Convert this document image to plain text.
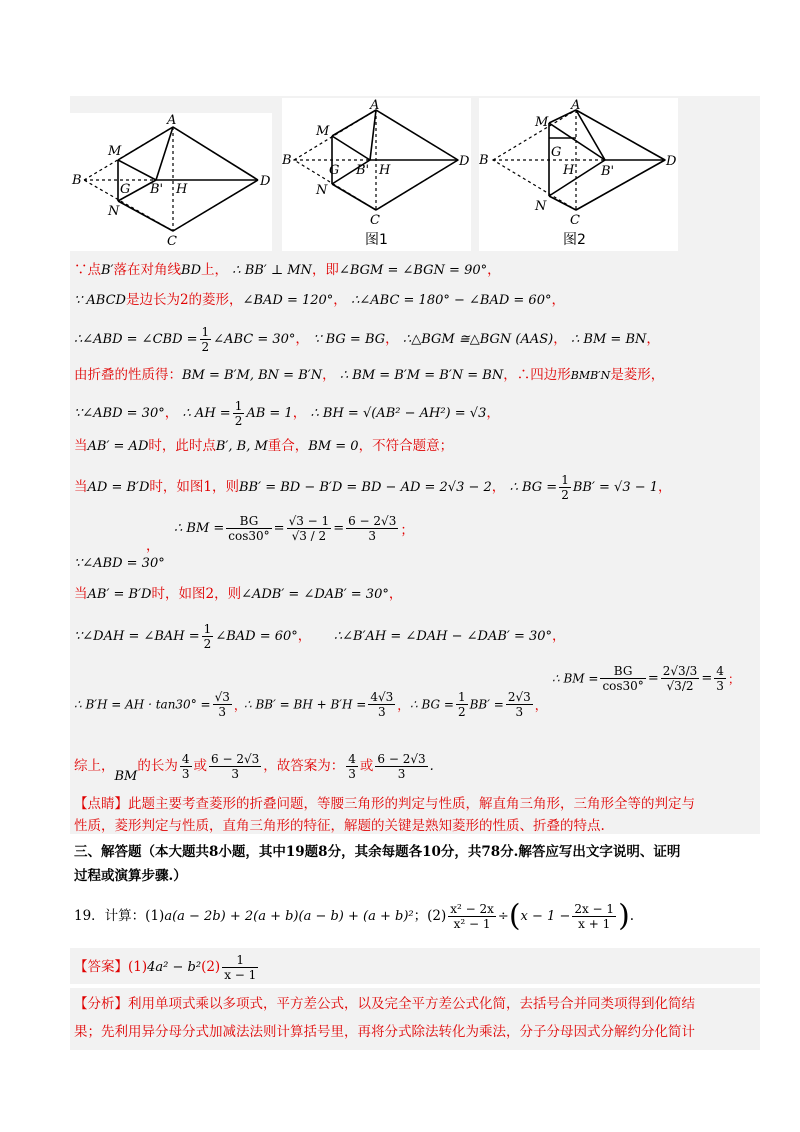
A
M
B
G B' H
D
N
C
A
M
B
G B' H
D
N
C
图1
A
M
B
G
H B'
D
N
C
图2
∵点B′落在对角线BD上， ∴ BB′ ⊥ MN，即∠BGM = ∠BGN = 90°，
∵ ABCD是边长为2的菱形，∠BAD = 120°， ∴∠ABC = 180° − ∠BAD = 60°，
∴∠ABD = ∠CBD = $\frac{1}{2}$ ∠ABC = 30°， ∵ BG = BG， ∴△BGM ≅△BGN (AAS)， ∴ BM = BN，
由折叠的性质得：BM = B′M, BN = B′N， ∴ BM = B′M = B′N = BN，∴四边形BMB′N是菱形，
∵∠ABD = 30°， ∴ AH = $\frac{1}{2}$ AB = 1， ∴ BH = √(AB² − AH²) = √3，
当AB′ = AD时，此时点B′, B, M重合，BM = 0，不符合题意；
当AD = B′D时，如图1，则BB′ = BD − B′D = BD − AD = 2√3 − 2， ∴ BG = $\frac{1}{2} BB' = √3 - 1$，
∵∠ABD = 30°
，
∴ BM = $\frac{BG}{\cos 30^\circ} = \frac{√3 - 1}{√3 / 2} = \frac{6 - 2√3}{3}$ ；
当AB′ = B′D时，如图2，则∠ADB′ = ∠DAB′ = 30°，
∵∠DAH = ∠BAH = $\frac{1}{2}$ ∠BAD = 60°， ∴∠B′AH = ∠DAH − ∠DAB′ = 30°，
∴ B′H = AH · $\tan 30^\circ = \frac{√3}{3}$ ，
∴ BB′ = BH + $B'H = \frac{4√3}{3}$ ， ∴ BG = $\frac{1}{2} BB' = \frac{2√3}{3}$ ，
∴ BM = $\frac{BG}{\cos 30^\circ} = \frac{2√3/3}{√3/2} = \frac{4}{3}$ ；
综上，BM的长为 $\frac{4}{3}$ 或 $\frac{6 - 2√3}{3}$ ，故答案为： $\frac{4}{3}$ 或 $\frac{6 - 2√3}{3}$ .
【点睛】此题主要考查菱形的折叠问题，等腰三角形的判定与性质，解直角三角形，三角形全等的判定与
性质，菱形判定与性质，直角三角形的特征，解题的关键是熟知菱形的性质、折叠的特点.
三、解答题（本大题共8小题，其中19题8分，其余每题各10分，共78分.解答应写出文字说明、证明
过程或演算步骤.）
19．计算：(1)a(a − 2b) + 2(a + b)(a − b) + (a + b)²；$(2) \frac{\text{x² − 2x}}{\text{x² − 1}} \div(x - 1 - \frac{2x - 1}{x + 1}$ ).
【答案】$(1)4a^2 - b^2(2) \frac{1}{x - 1}$
【分析】利用单项式乘以多项式，平方差公式，以及完全平方差公式化简，去括号合并同类项得到化简结
果；先利用异分母分式加减法法则计算括号里，再将分式除法转化为乘法，分子分母因式分解约分化简计
